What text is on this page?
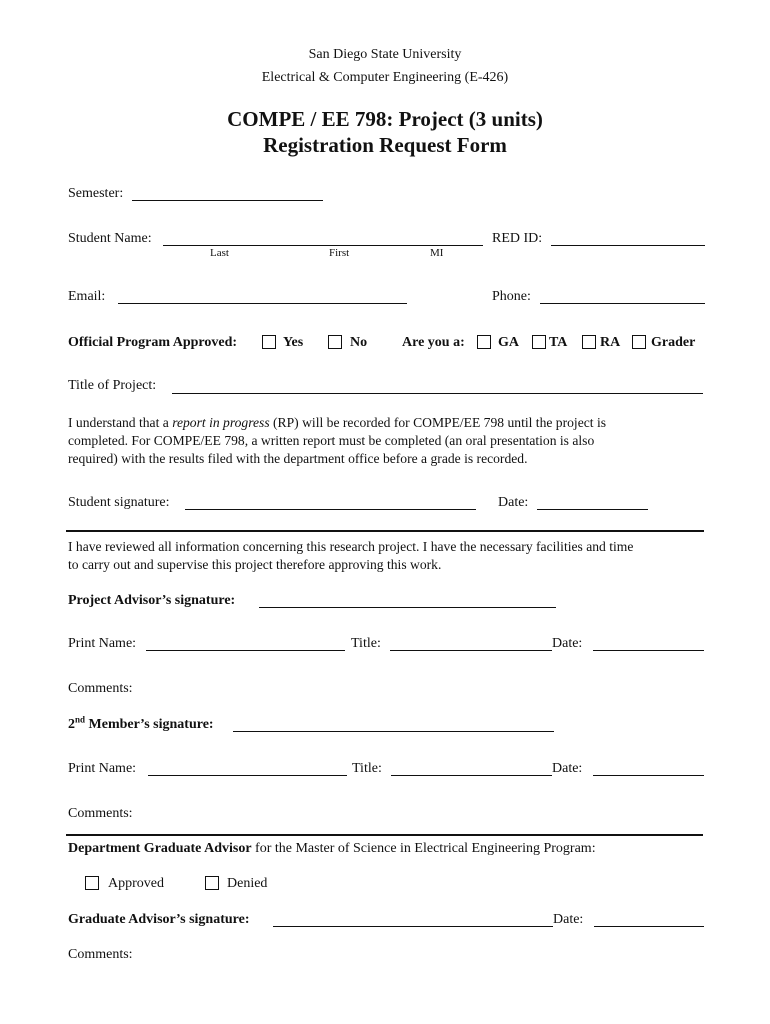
San Diego State University
Electrical & Computer Engineering (E-426)
COMPE / EE 798: Project (3 units)
Registration Request Form
Semester:
Student Name:
Last	First	MI
RED ID:
Email:	Phone:
Official Program Approved:	Yes	No Are you a: GA TA RA Grader
Title of Project:
I understand that a report in progress (RP) will be recorded for COMPE/EE 798 until the project is
completed. For COMPE/EE 798, a written report must be completed (an oral presentation is also
required) with the results filed with the department office before a grade is recorded.
Student signature:	Date:
I have reviewed all information concerning this research project. I have the necessary facilities and time
to carry out and supervise this project therefore approving this work.
Project Advisor’s signature:
Print Name:	Title:	Date:
Comments:
2nd Member’s signature:
Print Name:	Title:	Date:
Comments:
Department Graduate Advisor for the Master of Science in Electrical Engineering Program:
Approved	Denied
Graduate Advisor’s signature:	Date:
Comments:
